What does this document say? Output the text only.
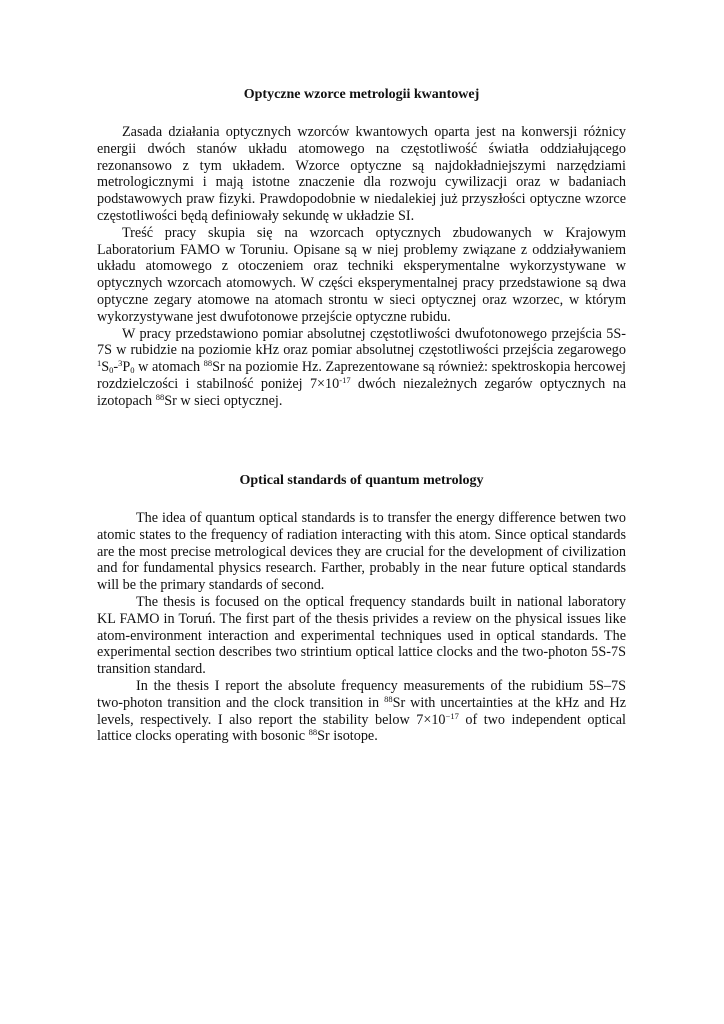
Optyczne wzorce metrologii kwantowej

Zasada działania optycznych wzorców kwantowych oparta jest na konwersji różnicy energii dwóch stanów układu atomowego na częstotliwość światła oddziałującego rezonansowo z tym układem. Wzorce optyczne są najdokładniejszymi narzędziami metrologicznymi i mają istotne znaczenie dla rozwoju cywilizacji oraz w badaniach podstawowych praw fizyki. Prawdopodobnie w niedalekiej już przyszłości optyczne wzorce częstotliwości będą definiowały sekundę w układzie SI.

Treść pracy skupia się na wzorcach optycznych zbudowanych w Krajowym Laboratorium FAMO w Toruniu. Opisane są w niej problemy związane z oddziaływaniem układu atomowego z otoczeniem oraz techniki eksperymentalne wykorzystywane w optycznych wzorcach atomowych. W części eksperymentalnej pracy przedstawione są dwa optyczne zegary atomowe na atomach strontu w sieci optycznej oraz wzorzec, w którym wykorzystywane jest dwufotonowe przejście optyczne rubidu.

W pracy przedstawiono pomiar absolutnej częstotliwości dwufotonowego przejścia 5S-7S w rubidzie na poziomie kHz oraz pomiar absolutnej częstotliwości przejścia zegarowego $^1S_0-^3P_0$ w atomach $^{88}$Sr na poziomie Hz. Zaprezentowane są również: spektroskopia hercowej rozdzielczości i stabilność poniżej $7\times 10^{-17}$ dwóch niezależnych zegarów optycznych na izotopach $^{88}$Sr w sieci optycznej.

Optical standards of quantum metrology

The idea of quantum optical standards is to transfer the energy difference betwen two atomic states to the frequency of radiation interacting with this atom. Since optical standards are the most precise metrological devices they are crucial for the development of civilization and for fundamental physics research. Farther, probably in the near future optical standards will be the primary standards of second.

The thesis is focused on the optical frequency standards built in national laboratory KL FAMO in Toruń. The first part of the thesis privides a review on the physical issues like atom-environment interaction and experimental techniques used in optical standards. The experimental section describes two strintium optical lattice clocks and the two-photon 5S-7S transition standard.

In the thesis I report the absolute frequency measurements of the rubidium 5S–7S two-photon transition and the clock transition in $^{88}$Sr with uncertainties at the kHz and Hz levels, respectively. I also report the stability below $7\times 10^{-17}$ of two independent optical lattice clocks operating with bosonic $^{88}$Sr isotope.
